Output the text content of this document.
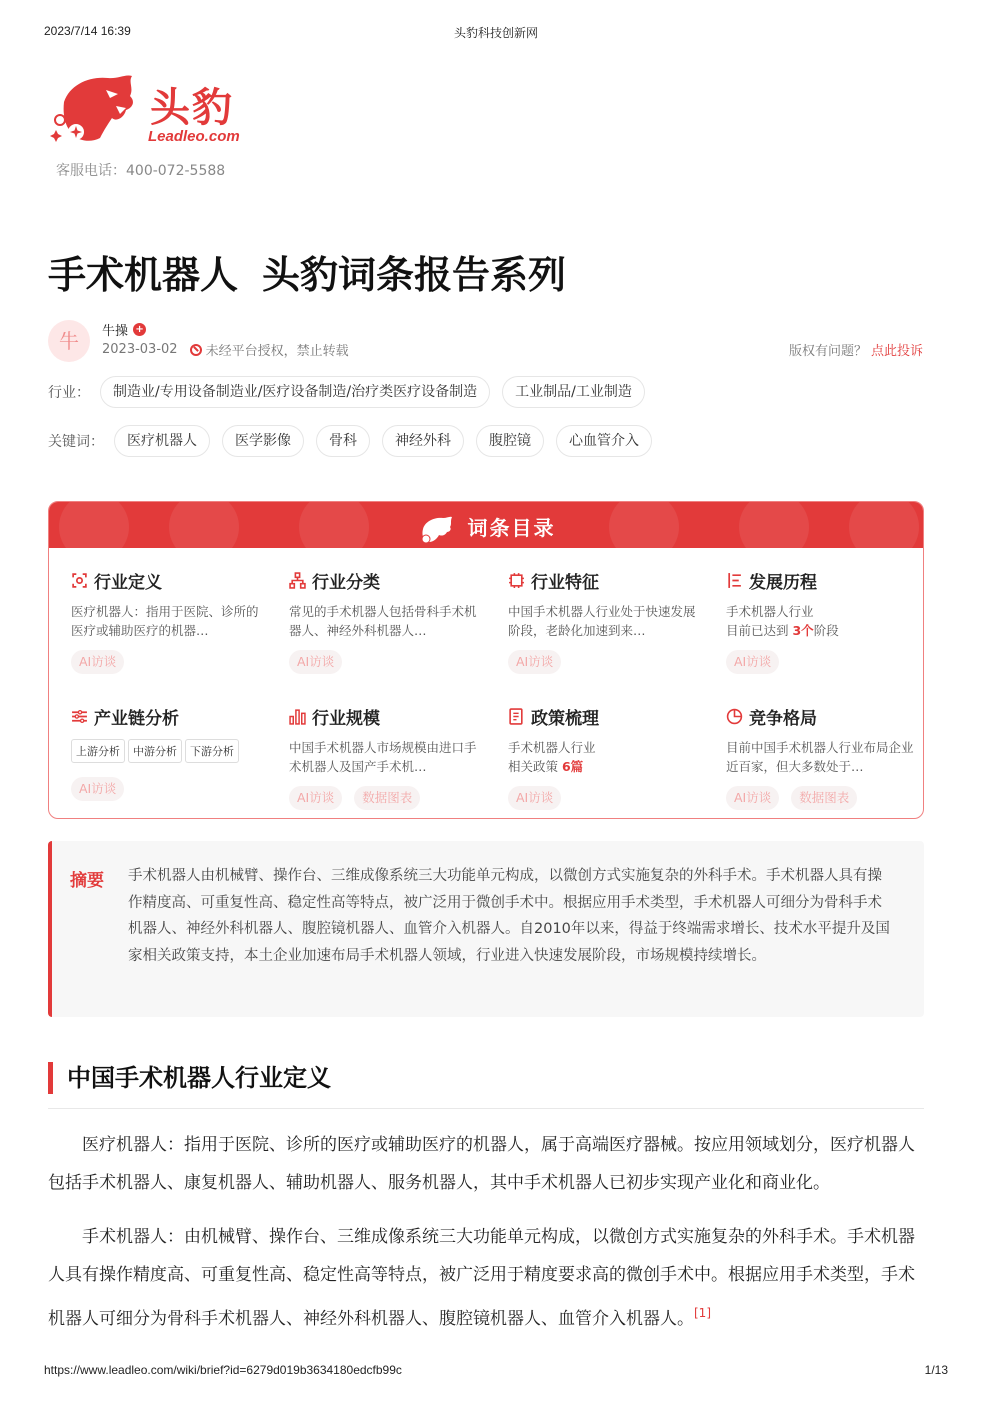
2023/7/14 16:39	头豹科技创新网
头豹
Leadleo.com
客服电话：400-072-5588
手术机器人 头豹词条报告系列
牛	牛操 +
2023-03-02 未经平台授权，禁止转载	版权有问题？ 点此投诉
行业：	制造业/专用设备制造业/医疗设备制造/治疗类医疗设备制造	工业制品/工业制造
关键词：	医疗机器人	医学影像	骨科	神经外科	腹腔镜	心血管介入
词条目录
行业定义
医疗机器人：指用于医院、诊所的医疗或辅助医疗的机器…
AI访谈
行业分类
常见的手术机器人包括骨科手术机器人、神经外科机器人…
AI访谈
行业特征
中国手术机器人行业处于快速发展阶段，老龄化加速到来…
AI访谈
发展历程
手术机器人行业
目前已达到 3个阶段
AI访谈
产业链分析
上游分析	中游分析	下游分析
AI访谈
行业规模
中国手术机器人市场规模由进口手术机器人及国产手术机…
AI访谈	数据图表
政策梳理
手术机器人行业
相关政策 6篇
AI访谈
竞争格局
目前中国手术机器人行业布局企业近百家，但大多数处于…
AI访谈	数据图表
摘要 手术机器人由机械臂、操作台、三维成像系统三大功能单元构成，以微创方式实施复杂的外科手术。手术机器人具有操作精度高、可重复性高、稳定性高等特点，被广泛用于微创手术中。根据应用手术类型，手术机器人可细分为骨科手术机器人、神经外科机器人、腹腔镜机器人、血管介入机器人。自2010年以来，得益于终端需求增长、技术水平提升及国家相关政策支持，本土企业加速布局手术机器人领域，行业进入快速发展阶段，市场规模持续增长。
中国手术机器人行业定义

医疗机器人：指用于医院、诊所的医疗或辅助医疗的机器人，属于高端医疗器械。按应用领域划分，医疗机器人包括手术机器人、康复机器人、辅助机器人、服务机器人，其中手术机器人已初步实现产业化和商业化。

手术机器人：由机械臂、操作台、三维成像系统三大功能单元构成，以微创方式实施复杂的外科手术。手术机器人具有操作精度高、可重复性高、稳定性高等特点，被广泛用于精度要求高的微创手术中。根据应用手术类型，手术机器人可细分为骨科手术机器人、神经外科机器人、腹腔镜机器人、血管介入机器人。[1]

https://www.leadleo.com/wiki/brief?id=6279d019b3634180edcfb99c	1/13
